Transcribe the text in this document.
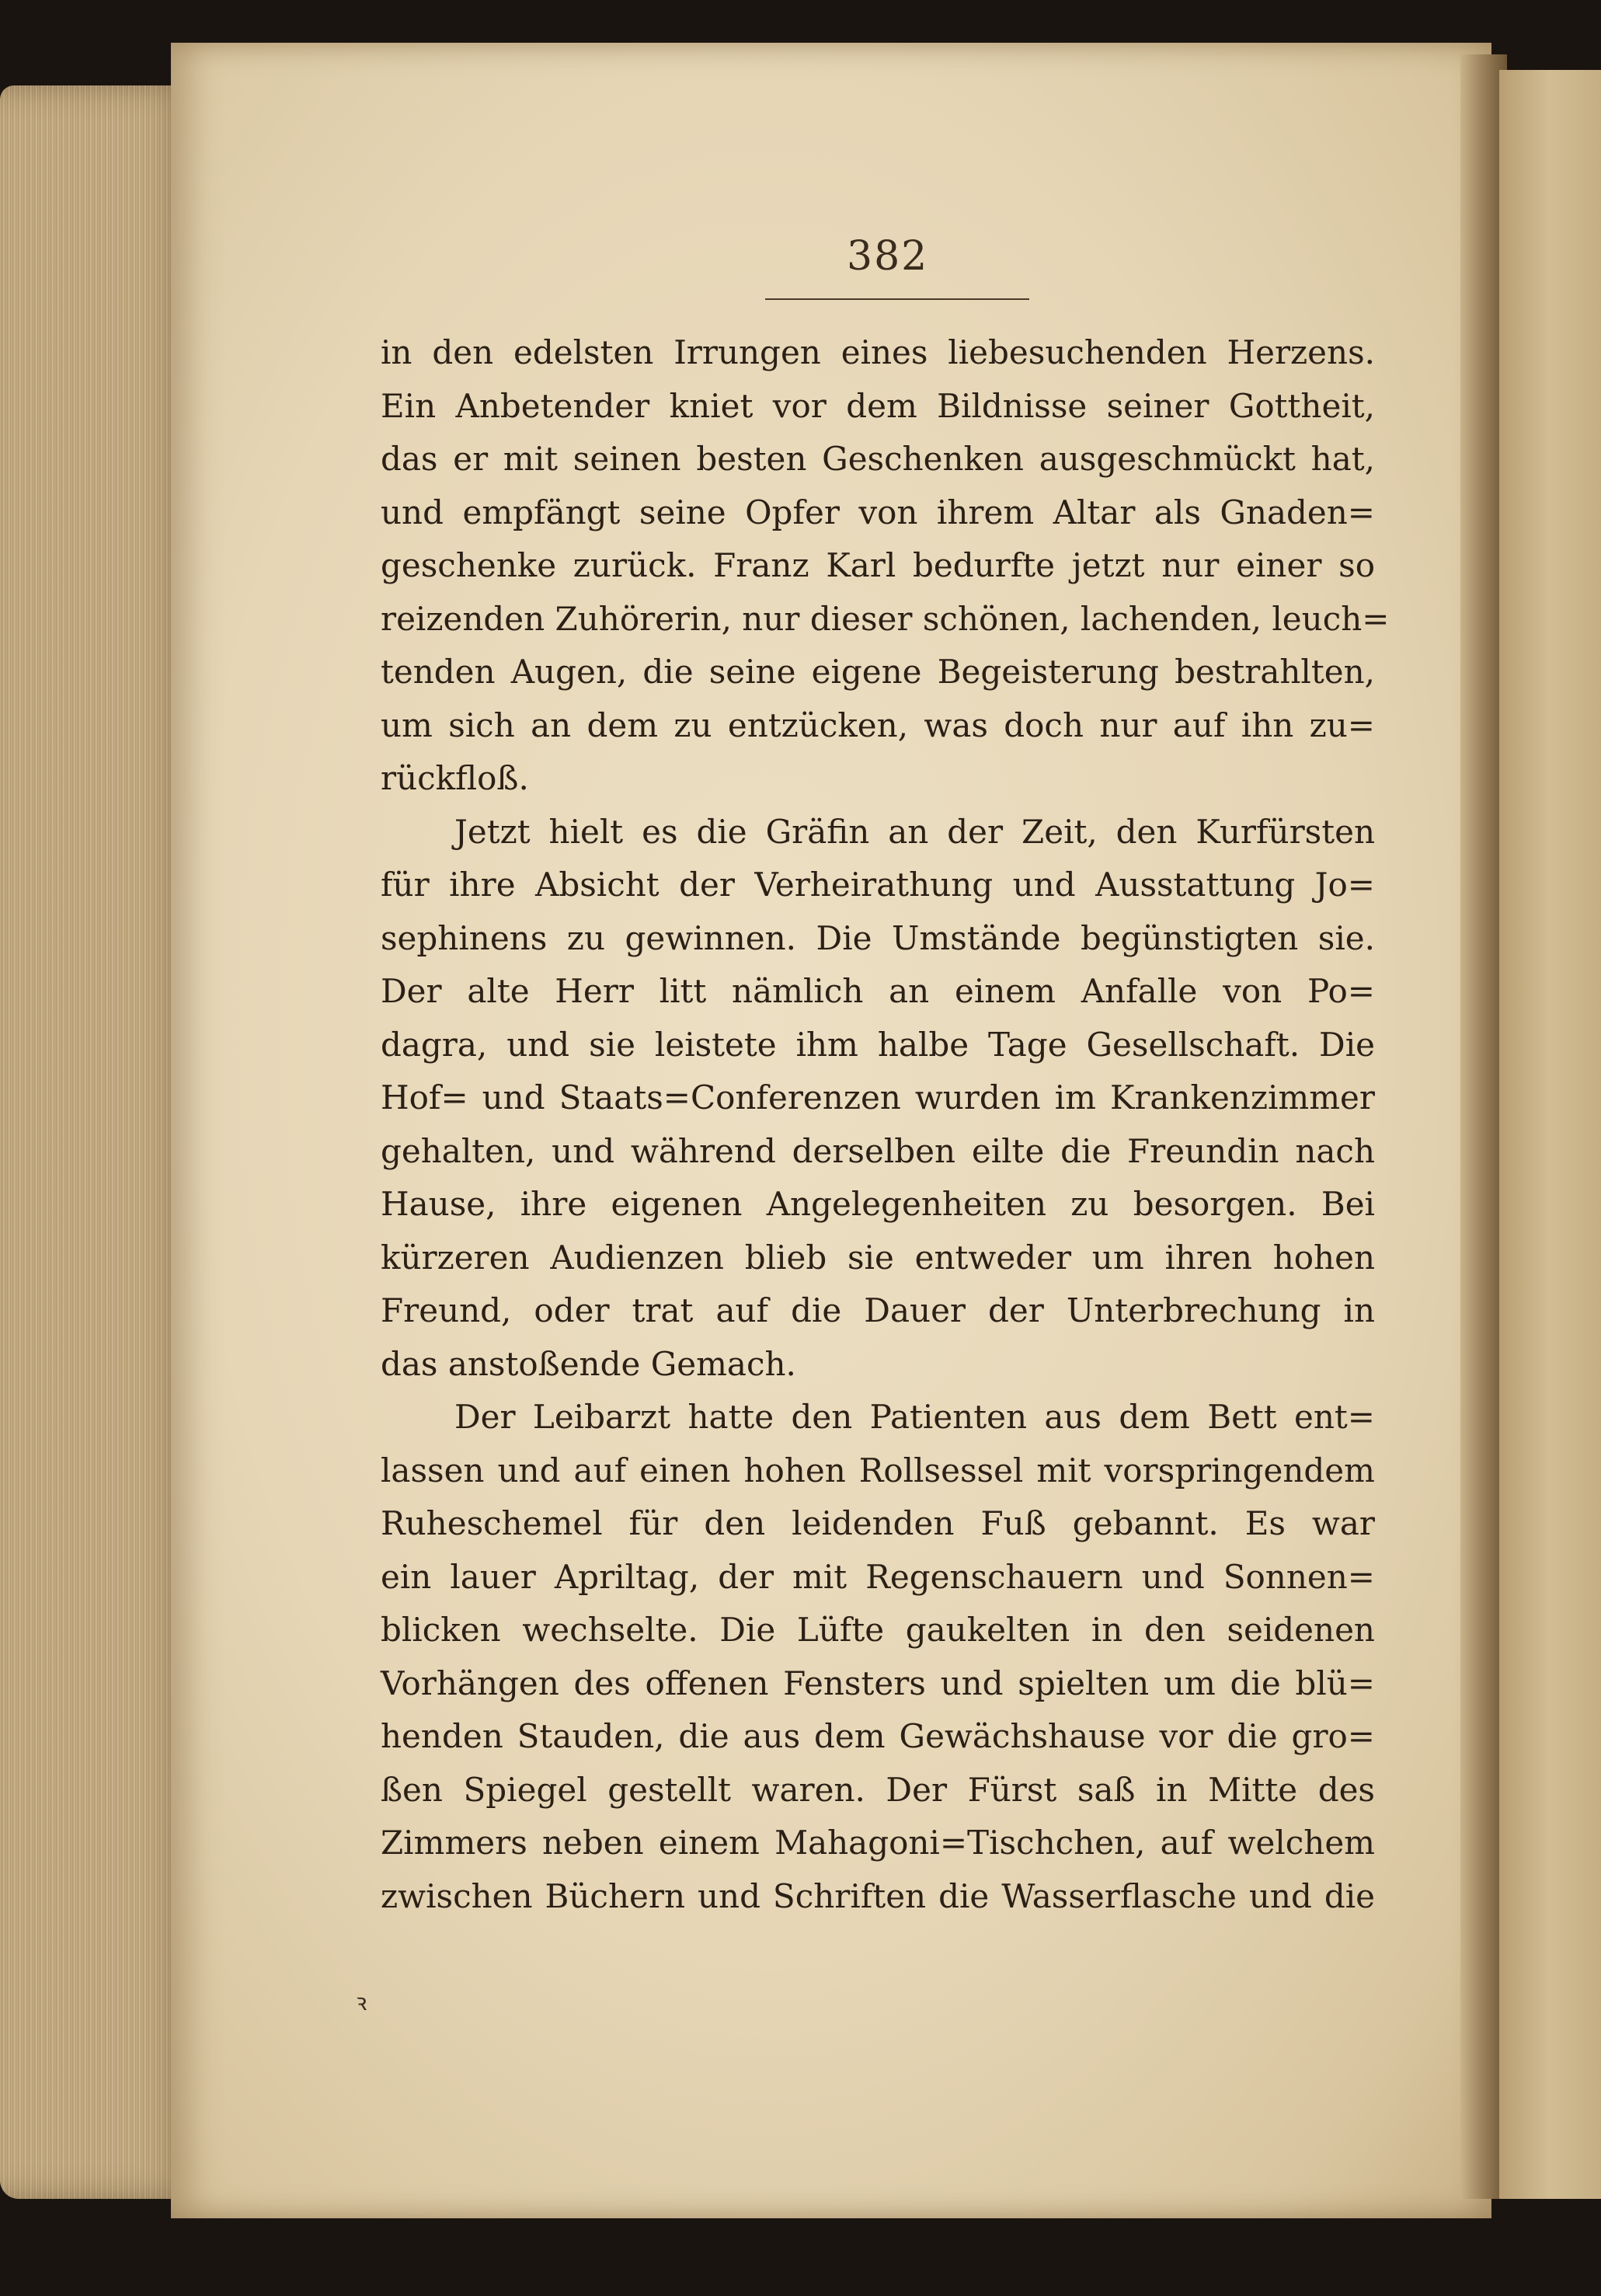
382
in den edelsten Irrungen eines liebesuchenden Herzens.
Ein Anbetender kniet vor dem Bildnisse seiner Gottheit,
das er mit seinen besten Geschenken ausgeschmückt hat,
und empfängt seine Opfer von ihrem Altar als Gnaden=
geschenke zurück. Franz Karl bedurfte jetzt nur einer so
reizenden Zuhörerin, nur dieser schönen, lachenden, leuch=
tenden Augen, die seine eigene Begeisterung bestrahlten,
um sich an dem zu entzücken, was doch nur auf ihn zu=
rückfloß.
Jetzt hielt es die Gräfin an der Zeit, den Kurfürsten
für ihre Absicht der Verheirathung und Ausstattung Jo=
sephinens zu gewinnen. Die Umstände begünstigten sie.
Der alte Herr litt nämlich an einem Anfalle von Po=
dagra, und sie leistete ihm halbe Tage Gesellschaft. Die
Hof= und Staats=Conferenzen wurden im Krankenzimmer
gehalten, und während derselben eilte die Freundin nach
Hause, ihre eigenen Angelegenheiten zu besorgen. Bei
kürzeren Audienzen blieb sie entweder um ihren hohen
Freund, oder trat auf die Dauer der Unterbrechung in
das anstoßende Gemach.
Der Leibarzt hatte den Patienten aus dem Bett ent=
lassen und auf einen hohen Rollsessel mit vorspringendem
Ruheschemel für den leidenden Fuß gebannt. Es war
ein lauer Apriltag, der mit Regenschauern und Sonnen=
blicken wechselte. Die Lüfte gaukelten in den seidenen
Vorhängen des offenen Fensters und spielten um die blü=
henden Stauden, die aus dem Gewächshause vor die gro=
ßen Spiegel gestellt waren. Der Fürst saß in Mitte des
Zimmers neben einem Mahagoni=Tischchen, auf welchem
zwischen Büchern und Schriften die Wasserflasche und die
ꝛ
